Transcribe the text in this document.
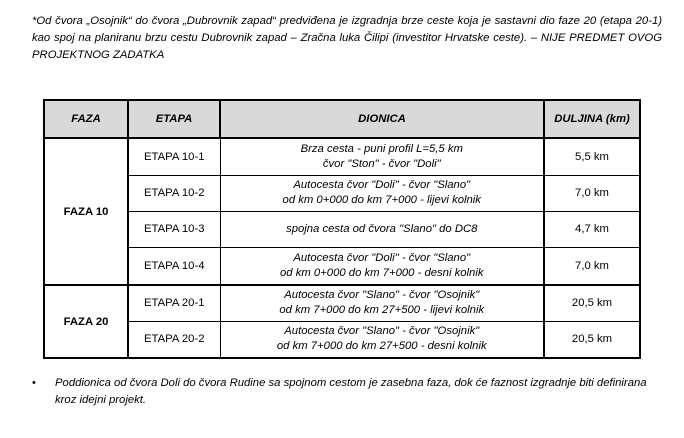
*Od čvora „Osojnik“ do čvora „Dubrovnik zapad“ predviđena je izgradnja brze ceste koja je sastavni dio faze 20 (etapa 20-1) kao spoj na planiranu brzu cestu Dubrovnik zapad – Zračna luka Čilipi (investitor Hrvatske ceste). – NIJE PREDMET OVOG PROJEKTNOG ZADATKA
FAZA	ETAPA	DIONICA	DULJINA (km)
FAZA 10	ETAPA 10-1	Brza cesta - puni profil L=5,5 km
čvor "Ston" - čvor "Doli"	5,5 km
	ETAPA 10-2	Autocesta čvor "Doli" - čvor "Slano"
od km 0+000 do km 7+000 - lijevi kolnik	7,0 km
	ETAPA 10-3	spojna cesta od čvora "Slano" do DC8	4,7 km
	ETAPA 10-4	Autocesta čvor "Doli" - čvor "Slano"
od km 0+000 do km 7+000 - desni kolnik	7,0 km
FAZA 20	ETAPA 20-1	Autocesta čvor "Slano" - čvor "Osojnik"
od km 7+000 do km 27+500 - lijevi kolnik	20,5 km
	ETAPA 20-2	Autocesta čvor "Slano" - čvor "Osojnik"
od km 7+000 do km 27+500 - desni kolnik	20,5 km
• Poddionica od čvora Doli do čvora Rudine sa spojnom cestom je zasebna faza, dok će faznost izgradnje biti definirana kroz idejni projekt.
